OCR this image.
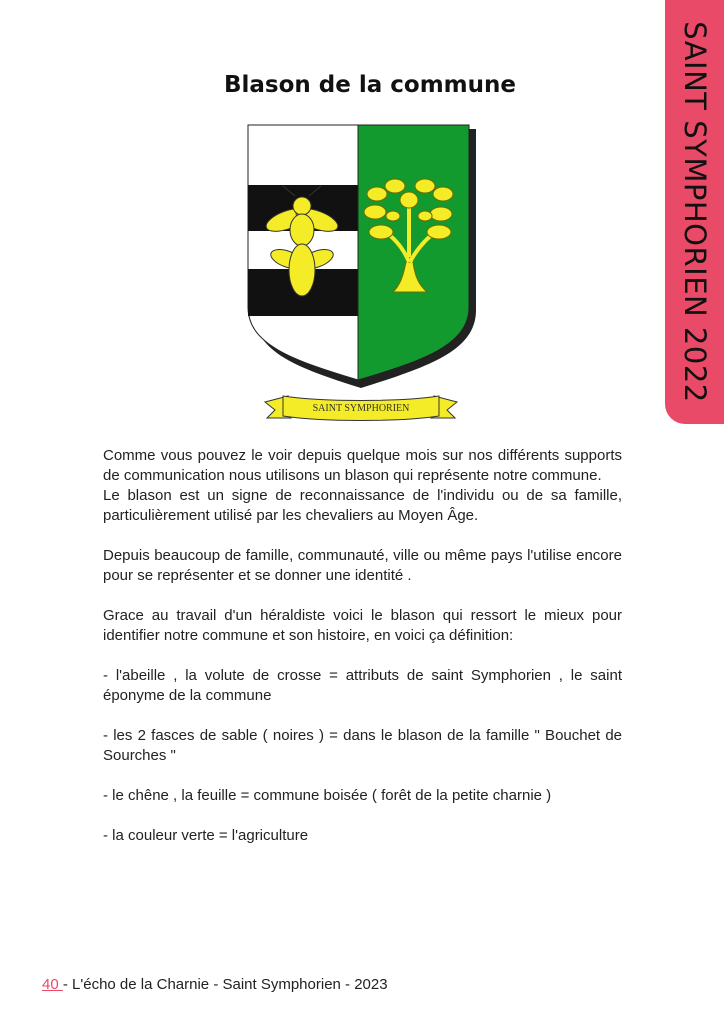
SAINT SYMPHORIEN 2022
Blason de la commune
SAINT SYMPHORIEN

Comme vous pouvez le voir depuis quelque mois sur nos différents supports de communication nous utilisons un blason qui représente notre commune.

Le blason est un signe de reconnaissance de l'individu ou de sa famille, particulièrement utilisé par les chevaliers au Moyen Âge.

Depuis beaucoup de famille, communauté, ville ou même pays l'utilise encore pour se représenter et se donner une identité .

Grace au travail d'un héraldiste voici le blason qui ressort le mieux pour identifier notre commune et son histoire, en voici ça définition:

- l'abeille , la volute de crosse = attributs de saint Symphorien , le saint éponyme de la commune

- les 2 fasces de sable ( noires ) = dans le blason de la famille " Bouchet de Sourches "

- le chêne , la feuille = commune boisée ( forêt de la petite charnie )

- la couleur verte = l'agriculture

40 - L'écho de la Charnie - Saint Symphorien - 2023
